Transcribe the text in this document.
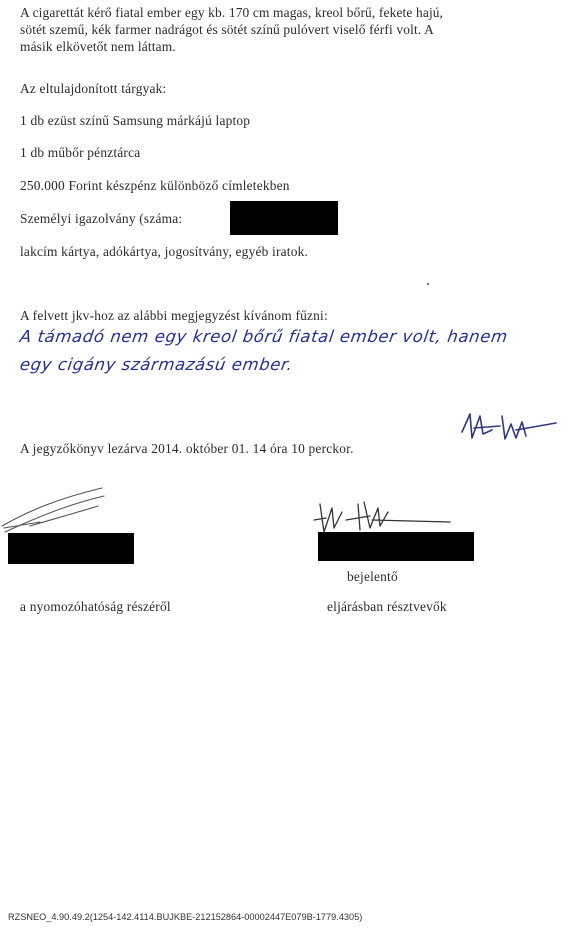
A cigarettát kérő fiatal ember egy kb. 170 cm magas, kreol bőrű, fekete hajú,
sötét szemű, kék farmer nadrágot és sötét színű pulóvert viselő férfi volt. A
másik elkövetőt nem láttam.
Az eltulajdonított tárgyak:
1 db ezüst színű Samsung márkájú laptop
1 db műbőr pénztárca
250.000 Forint készpénz különböző címletekben
Személyi igazolvány (száma:
lakcím kártya, adókártya, jogosítvány, egyéb iratok.
A felvett jkv-hoz az alábbi megjegyzést kívánom fűzni:
A támadó nem egy kreol bőrű fiatal ember volt, hanem
egy cigány származású ember.
A jegyzőkönyv lezárva 2014. október 01. 14 óra 10 perckor.
a nyomozóhatóság részéről
bejelentő
eljárásban résztvevők
RZSNEO_4.90.49.2(1254-142.4114.BUJKBE-212152864-00002447E079B-1779.4305)
